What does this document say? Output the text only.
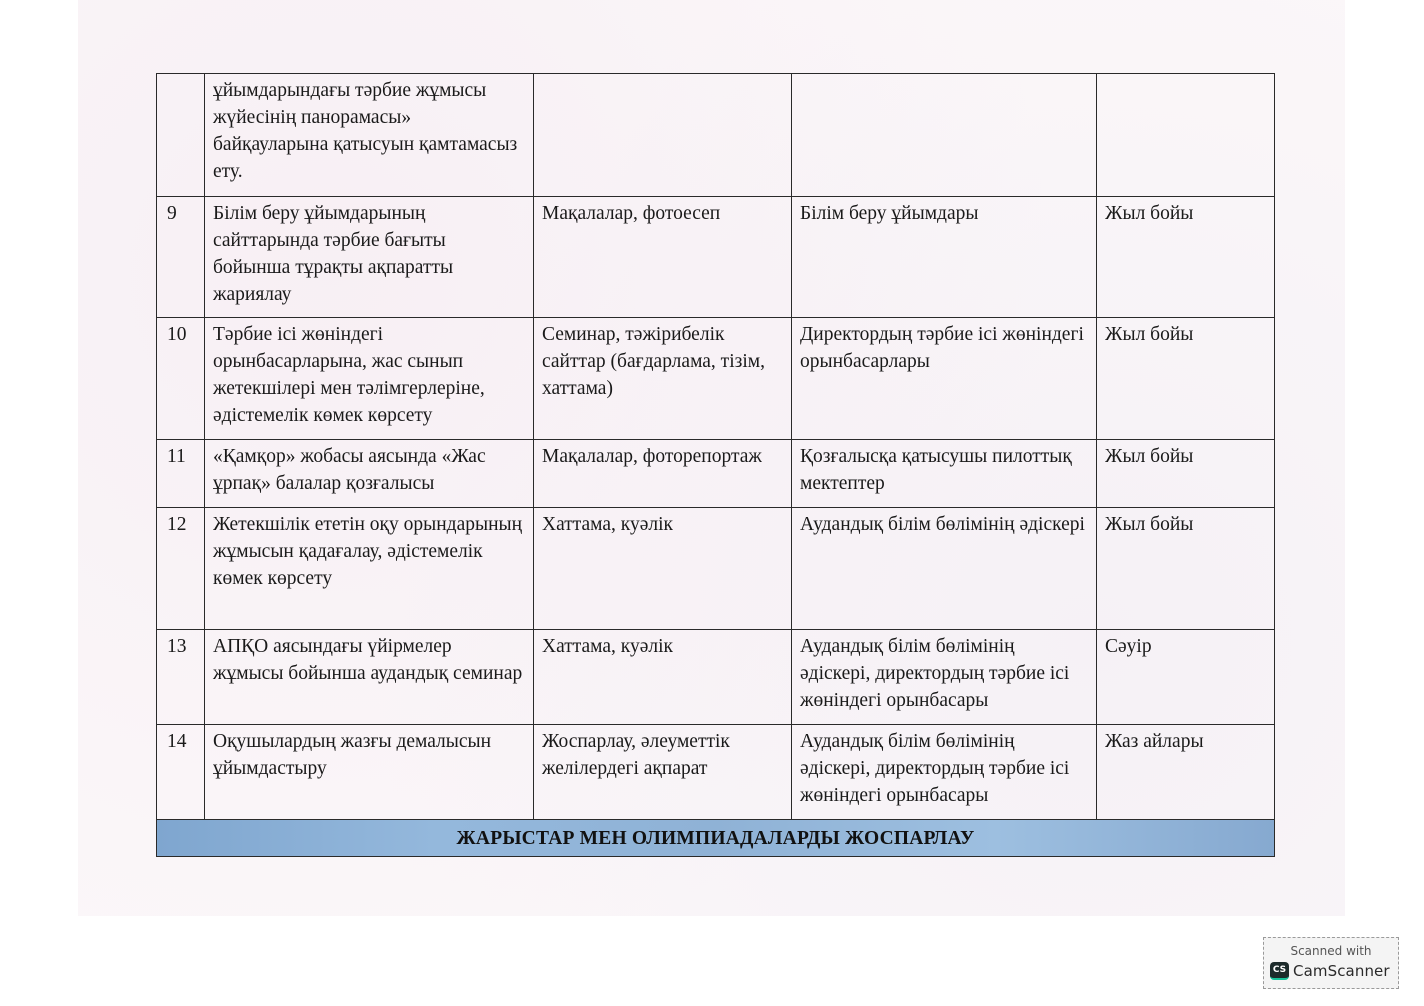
	ұйымдарындағы тәрбие жұмысы жүйесінің панорамасы» байқауларына қатысуын қамтамасыз ету.			
9	Білім беру ұйымдарының сайттарында тәрбие бағыты бойынша тұрақты ақпаратты жариялау	Мақалалар, фотоесеп	Білім беру ұйымдары	Жыл бойы
10	Тәрбие ісі жөніндегі орынбасарларына, жас сынып жетекшілері мен тәлімгерлеріне, әдістемелік көмек көрсету	Семинар, тәжірибелік сайттар (бағдарлама, тізім, хаттама)	Директордың тәрбие ісі жөніндегі орынбасарлары	Жыл бойы
11	«Қамқор» жобасы аясында «Жас ұрпақ» балалар қозғалысы	Мақалалар, фоторепортаж	Қозғалысқа қатысушы пилоттық мектептер	Жыл бойы
12	Жетекшілік ететін оқу орындарының жұмысын қадағалау, әдістемелік көмек көрсету	Хаттама, куәлік	Аудандық білім бөлімінің әдіскері	Жыл бойы
13	АПҚО аясындағы үйірмелер жұмысы бойынша аудандық семинар	Хаттама, куәлік	Аудандық білім бөлімінің әдіскері, директордың тәрбие ісі жөніндегі орынбасары	Сәуір
14	Оқушылардың жазғы демалысын ұйымдастыру	Жоспарлау, әлеуметтік желілердегі ақпарат	Аудандық білім бөлімінің әдіскері, директордың тәрбие ісі жөніндегі орынбасары	Жаз айлары
ЖАРЫСТАР МЕН ОЛИМПИАДАЛАРДЫ ЖОСПАРЛАУ				
Scanned with
CS CamScanner
